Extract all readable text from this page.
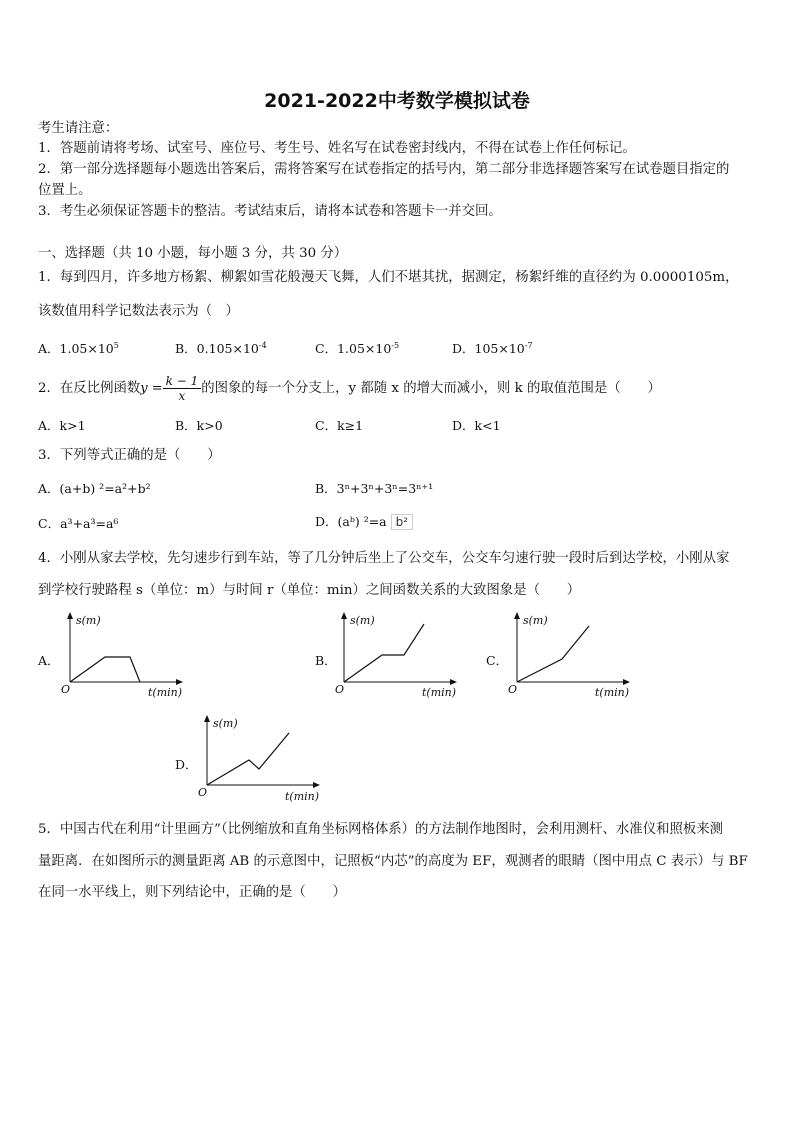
2021-2022中考数学模拟试卷
考生请注意：
1．答题前请将考场、试室号、座位号、考生号、姓名写在试卷密封线内，不得在试卷上作任何标记。
2．第一部分选择题每小题选出答案后，需将答案写在试卷指定的括号内，第二部分非选择题答案写在试卷题目指定的
位置上。
3．考生必须保证答题卡的整洁。考试结束后，请将本试卷和答题卡一并交回。
一、选择题（共 10 小题，每小题 3 分，共 30 分）
1．每到四月，许多地方杨絮、柳絮如雪花般漫天飞舞，人们不堪其扰，据测定，杨絮纤维的直径约为 0.0000105m，
该数值用科学记数法表示为（　）
A．$1.05\times 10^5$	B．$0.105\times 10^{-4}$	C．$1.05\times 10^{-5}$	D．$105\times 10^{-7}$
2．在反比例函数$y = \frac{k - 1}{x}$ 的图象的每一个分支上，y 都随 x 的增大而减小，则 k 的取值范围是（　　）
A．k>1	B．k>0	C．k≥1	D．k<1
3．下列等式正确的是（　　）
A．(a+b) ²=a²+b²	B．3ⁿ+3ⁿ+3ⁿ=3ⁿ⁺¹
C．a³+a³=a⁶	D．(aᵇ) ²=a b²
4．小刚从家去学校，先匀速步行到车站，等了几分钟后坐上了公交车，公交车匀速行驶一段时后到达学校，小刚从家
到学校行驶路程 s（单位：m）与时间 r（单位：min）之间函数关系的大致图象是（　　）
A．
s(m)
t(min)
O
B．
s(m)
t(min)
O
C．
s(m)
t(min)
O
D．
s(m)
t(min)
O
5．中国古代在利用“计里画方”（比例缩放和直角坐标网格体系）的方法制作地图时，会利用测杆、水准仪和照板来测
量距离．在如图所示的测量距离 AB 的示意图中，记照板“内芯”的高度为 EF，观测者的眼睛（图中用点 C 表示）与 BF
在同一水平线上，则下列结论中，正确的是（　　）
